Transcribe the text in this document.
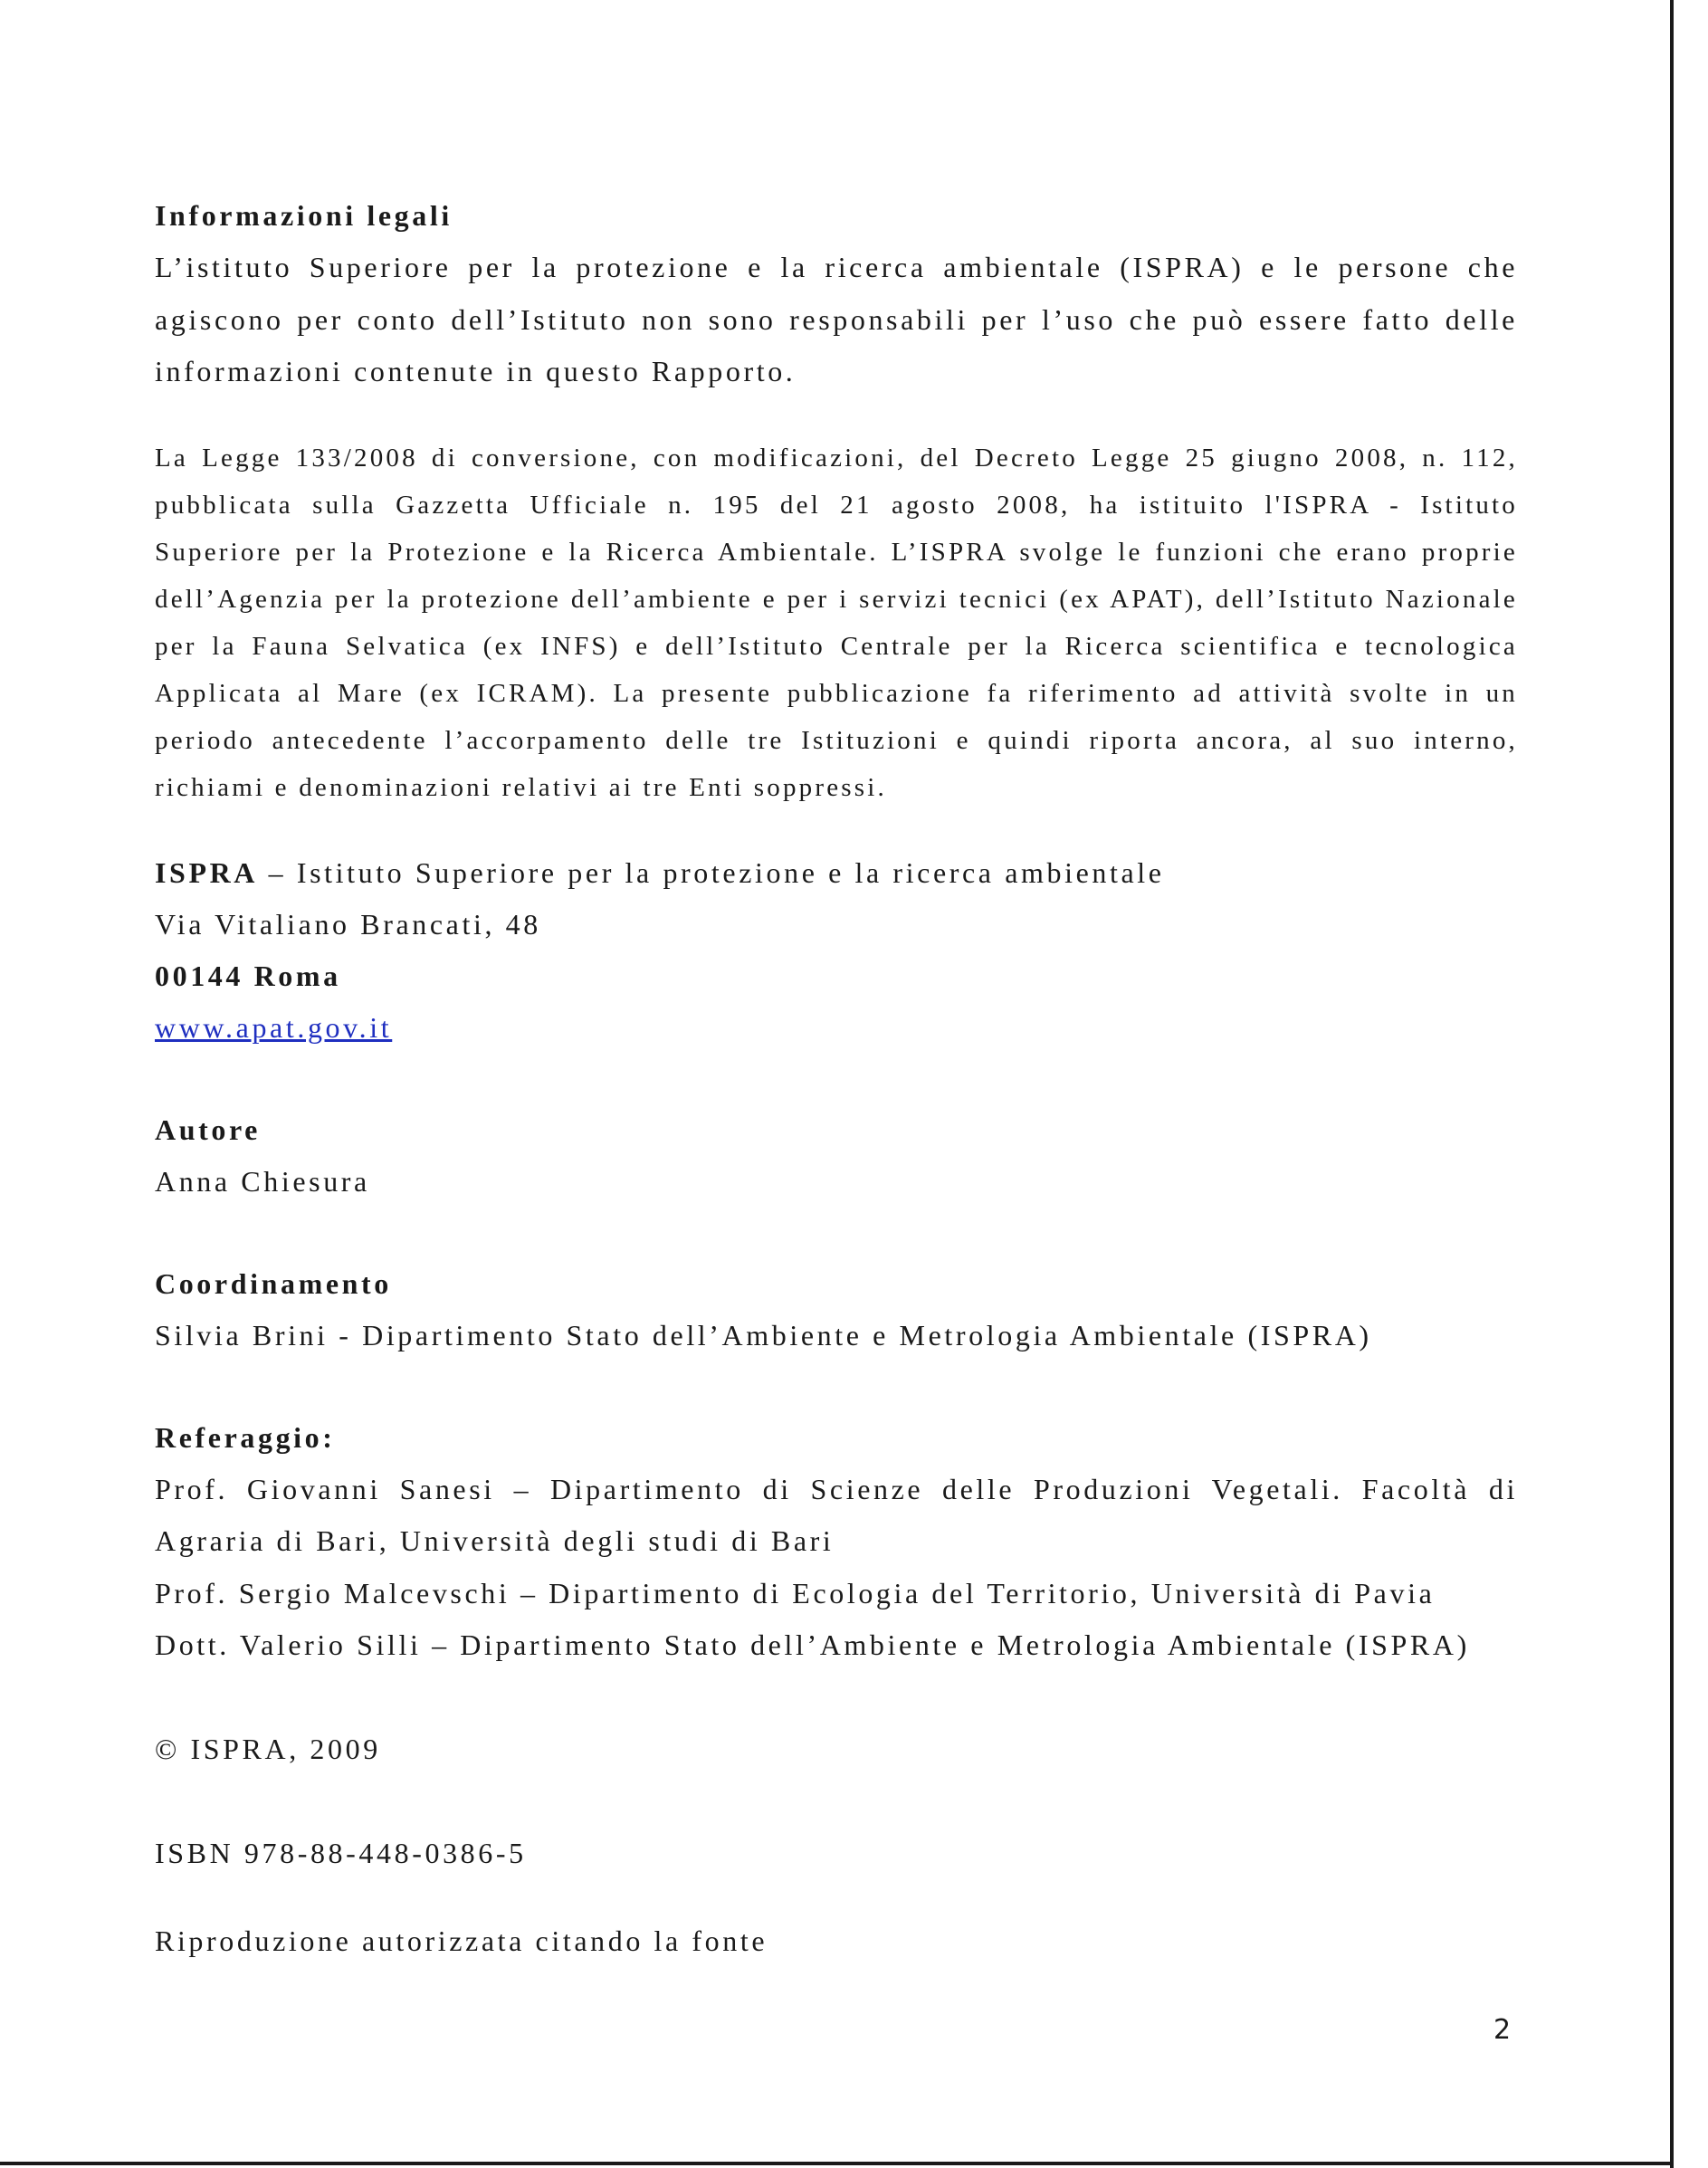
Informazioni legali

L’istituto Superiore per la protezione e la ricerca ambientale (ISPRA) e le persone che agiscono per conto dell’Istituto non sono responsabili per l’uso che può essere fatto delle informazioni contenute in questo Rapporto.

La Legge 133/2008 di conversione, con modificazioni, del Decreto Legge 25 giugno 2008, n. 112, pubblicata sulla Gazzetta Ufficiale n. 195 del 21 agosto 2008, ha istituito l'ISPRA - Istituto Superiore per la Protezione e la Ricerca Ambientale. L’ISPRA svolge le funzioni che erano proprie dell’Agenzia per la protezione dell’ambiente e per i servizi tecnici (ex APAT), dell’Istituto Nazionale per la Fauna Selvatica (ex INFS) e dell’Istituto Centrale per la Ricerca scientifica e tecnologica Applicata al Mare (ex ICRAM). La presente pubblicazione fa riferimento ad attività svolte in un periodo antecedente l’accorpamento delle tre Istituzioni e quindi riporta ancora, al suo interno, richiami e denominazioni relativi ai tre Enti soppressi.

ISPRA – Istituto Superiore per la protezione e la ricerca ambientale

Via Vitaliano Brancati, 48

00144 Roma

www.apat.gov.it

Autore

Anna Chiesura

Coordinamento

Silvia Brini - Dipartimento Stato dell’Ambiente e Metrologia Ambientale (ISPRA)

Referaggio:

Prof. Giovanni Sanesi – Dipartimento di Scienze delle Produzioni Vegetali. Facoltà di Agraria di Bari, Università degli studi di Bari

Prof. Sergio Malcevschi – Dipartimento di Ecologia del Territorio, Università di Pavia

Dott. Valerio Silli – Dipartimento Stato dell’Ambiente e Metrologia Ambientale (ISPRA)

© ISPRA, 2009

ISBN 978-88-448-0386-5

Riproduzione autorizzata citando la fonte

2
